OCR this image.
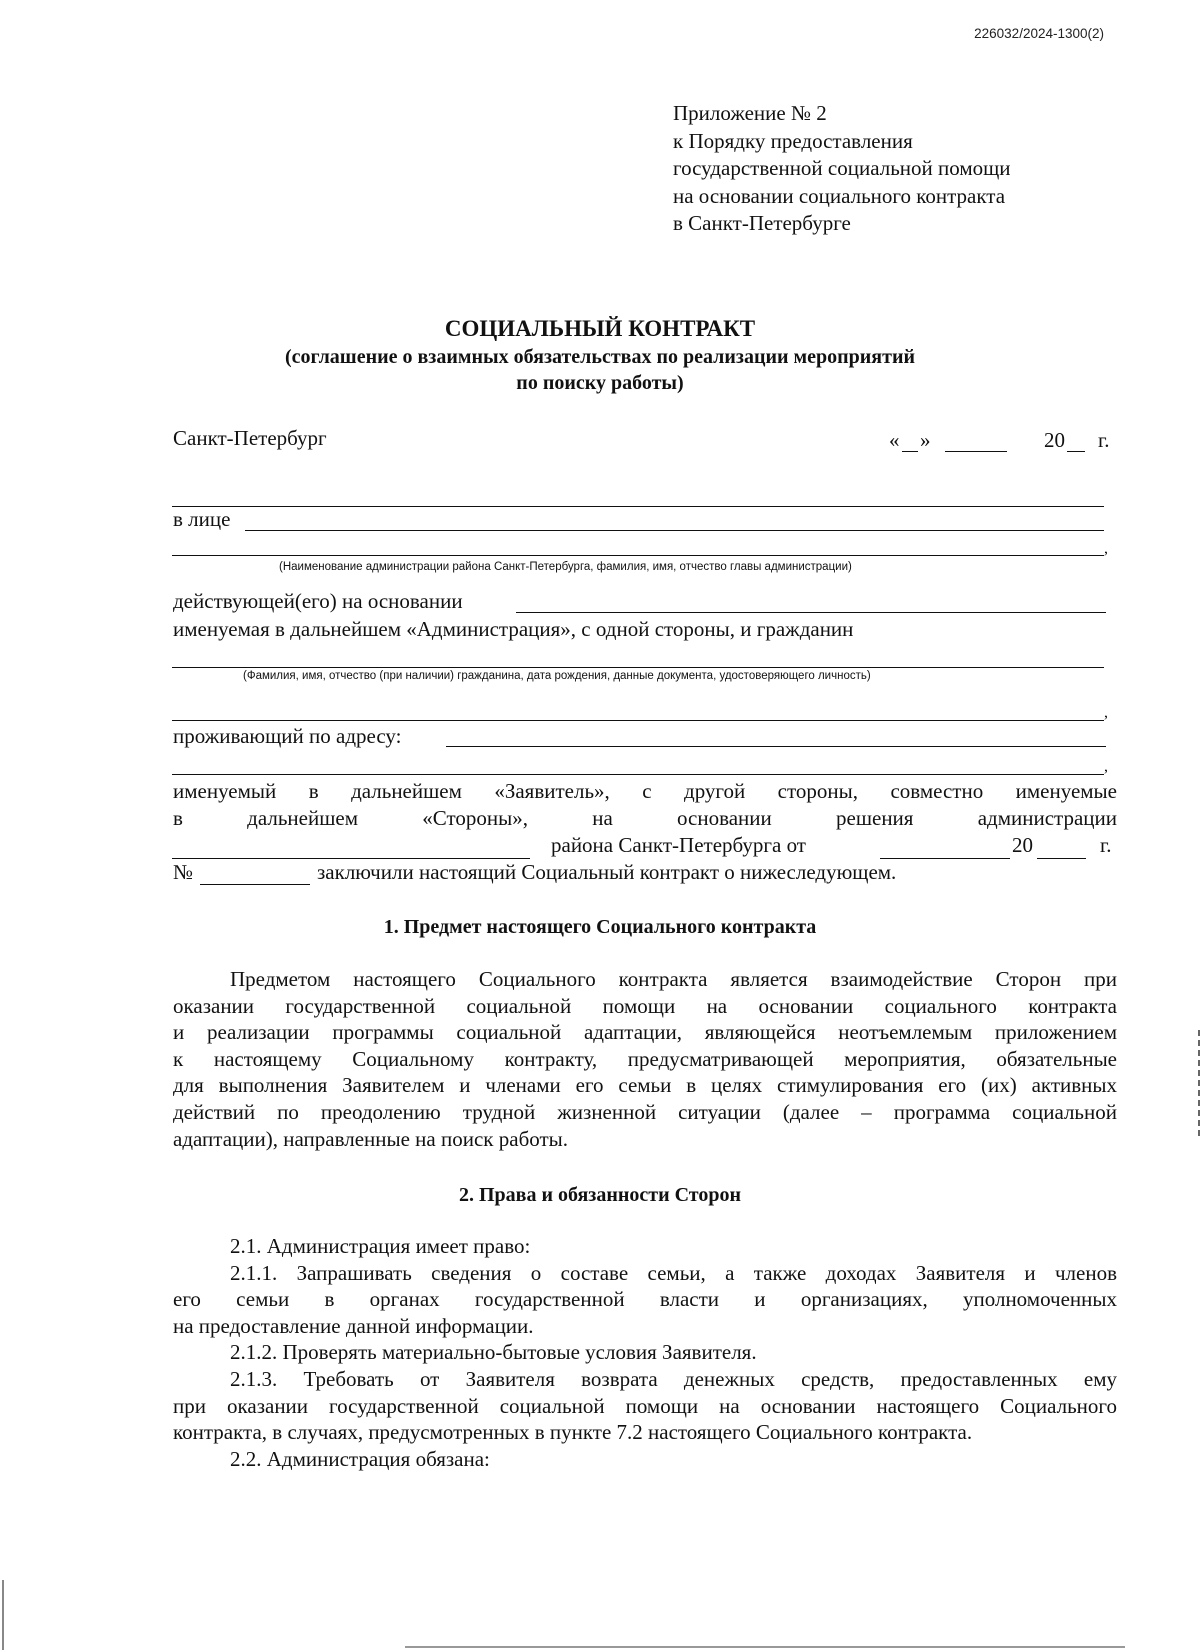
226032/2024-1300(2)
Приложение № 2
к Порядку предоставления
государственной социальной помощи
на основании социального контракта
в Санкт-Петербурге
СОЦИАЛЬНЫЙ КОНТРАКТ
(соглашение о взаимных обязательствах по реализации мероприятий
по поиску работы)
Санкт-Петербург	« »	20 г.
в лице
,
(Наименование администрации района Санкт-Петербурга, фамилия, имя, отчество главы администрации)
действующей(его) на основании
именуемая в дальнейшем «Администрация», с одной стороны, и гражданин
(Фамилия, имя, отчество (при наличии) гражданина, дата рождения, данные документа, удостоверяющего личность)
,
проживающий по адресу:
,
именуемый в дальнейшем «Заявитель», с другой стороны, совместно именуемые
в дальнейшем «Стороны», на основании решения администрации
района Санкт-Петербурга от	20	г.
№	заключили настоящий Социальный контракт о нижеследующем.
1. Предмет настоящего Социального контракта
Предметом настоящего Социального контракта является взаимодействие Сторон при
оказании государственной социальной помощи на основании социального контракта
и реализации программы социальной адаптации, являющейся неотъемлемым приложением
к настоящему Социальному контракту, предусматривающей мероприятия, обязательные
для выполнения Заявителем и членами его семьи в целях стимулирования его (их) активных
действий по преодолению трудной жизненной ситуации (далее – программа социальной
адаптации), направленные на поиск работы.
2. Права и обязанности Сторон
2.1. Администрация имеет право:
2.1.1. Запрашивать сведения о составе семьи, а также доходах Заявителя и членов
его семьи в органах государственной власти и организациях, уполномоченных
на предоставление данной информации.
2.1.2. Проверять материально-бытовые условия Заявителя.
2.1.3. Требовать от Заявителя возврата денежных средств, предоставленных ему
при оказании государственной социальной помощи на основании настоящего Социального
контракта, в случаях, предусмотренных в пункте 7.2 настоящего Социального контракта.
2.2. Администрация обязана:
